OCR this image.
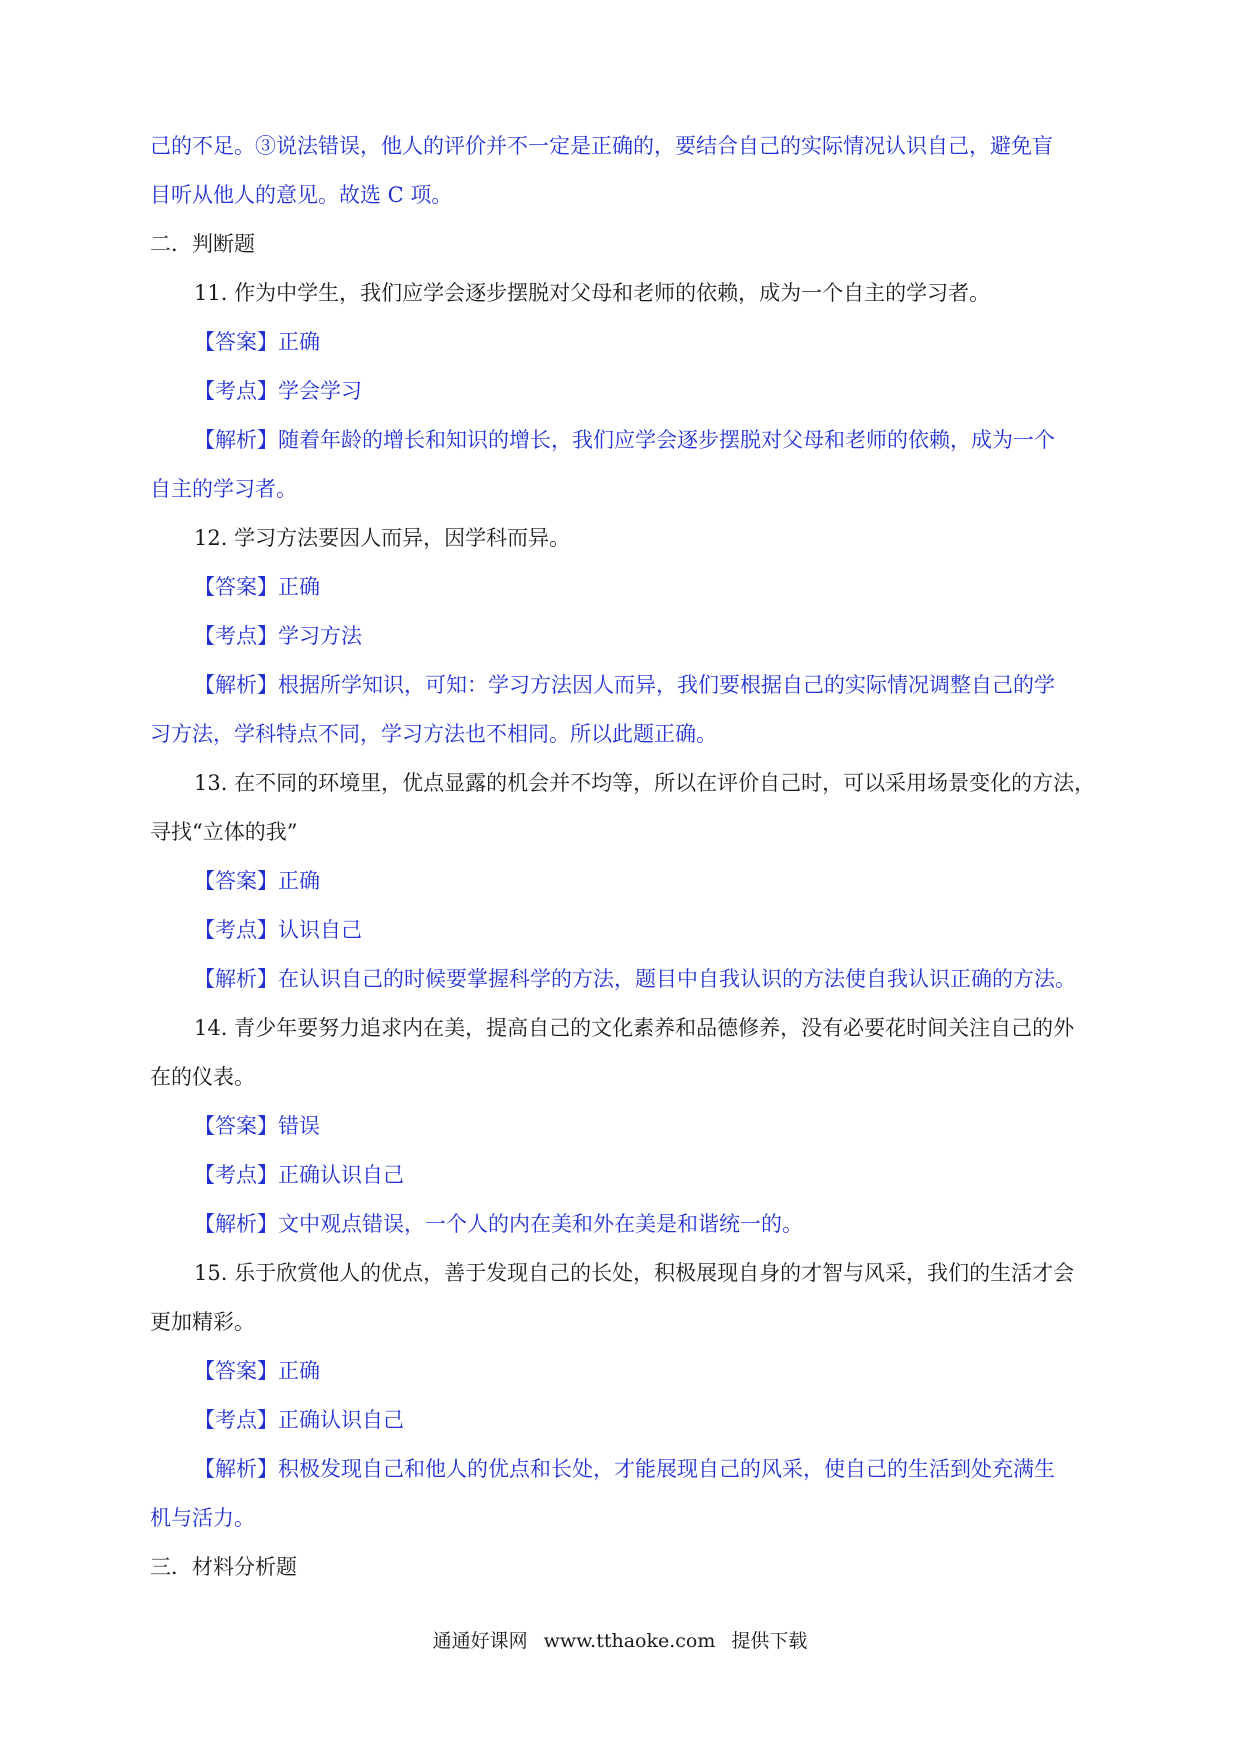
己的不足。③说法错误，他人的评价并不一定是正确的，要结合自己的实际情况认识自己，避免盲
目听从他人的意见。故选 C 项。
二．判断题
11. 作为中学生，我们应学会逐步摆脱对父母和老师的依赖，成为一个自主的学习者。
【答案】正确
【考点】学会学习
【解析】随着年龄的增长和知识的增长，我们应学会逐步摆脱对父母和老师的依赖，成为一个
自主的学习者。
12. 学习方法要因人而异，因学科而异。
【答案】正确
【考点】学习方法
【解析】根据所学知识，可知：学习方法因人而异，我们要根据自己的实际情况调整自己的学
习方法，学科特点不同，学习方法也不相同。所以此题正确。
13. 在不同的环境里，优点显露的机会并不均等，所以在评价自己时，可以采用场景变化的方法，
寻找“立体的我”
【答案】正确
【考点】认识自己
【解析】在认识自己的时候要掌握科学的方法，题目中自我认识的方法使自我认识正确的方法。
14. 青少年要努力追求内在美，提高自己的文化素养和品德修养，没有必要花时间关注自己的外
在的仪表。
【答案】错误
【考点】正确认识自己
【解析】文中观点错误，一个人的内在美和外在美是和谐统一的。
15. 乐于欣赏他人的优点，善于发现自己的长处，积极展现自身的才智与风采，我们的生活才会
更加精彩。
【答案】正确
【考点】正确认识自己
【解析】积极发现自己和他人的优点和长处，才能展现自己的风采，使自己的生活到处充满生
机与活力。
三．材料分析题
通通好课网 www.tthaoke.com 提供下载
